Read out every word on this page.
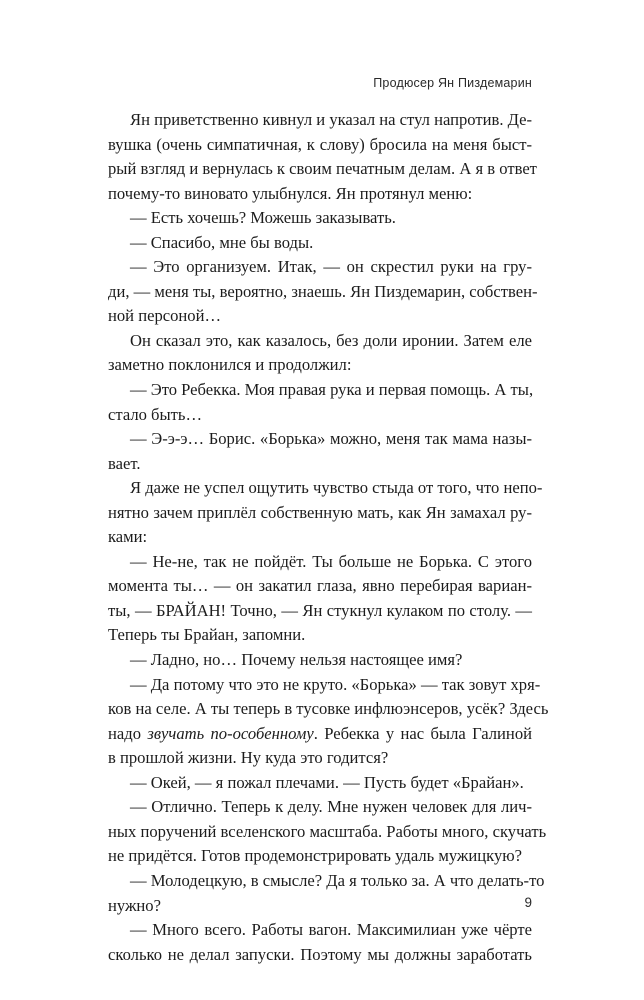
Продюсер Ян Пиздемарин
Ян приветственно кивнул и указал на стул напротив. Де-
вушка (очень симпатичная, к слову) бросила на меня быст-
рый взгляд и вернулась к своим печатным делам. А я в ответ
почему-то виновато улыбнулся. Ян протянул меню:
— Есть хочешь? Можешь заказывать.
— Спасибо, мне бы воды.
— Это организуем. Итак, — он скрестил руки на гру-
ди, — меня ты, вероятно, знаешь. Ян Пиздемарин, собствен-
ной персоной…
Он сказал это, как казалось, без доли иронии. Затем еле
заметно поклонился и продолжил:
— Это Ребекка. Моя правая рука и первая помощь. А ты,
стало быть…
— Э-э-э… Борис. «Борька» можно, меня так мама назы-
вает.
Я даже не успел ощутить чувство стыда от того, что непо-
нятно зачем приплёл собственную мать, как Ян замахал ру-
ками:
— Не-не, так не пойдёт. Ты больше не Борька. С этого
момента ты… — он закатил глаза, явно перебирая вариан-
ты, — БРАЙАН! Точно, — Ян стукнул кулаком по столу. —
Теперь ты Брайан, запомни.
— Ладно, но… Почему нельзя настоящее имя?
— Да потому что это не круто. «Борька» — так зовут хря-
ков на селе. А ты теперь в тусовке инфлюэнсеров, усёк? Здесь
надо звучать по-особенному. Ребекка у нас была Галиной
в прошлой жизни. Ну куда это годится?
— Окей, — я пожал плечами. — Пусть будет «Брайан».
— Отлично. Теперь к делу. Мне нужен человек для лич-
ных поручений вселенского масштаба. Работы много, скучать
не придётся. Готов продемонстрировать удаль мужицкую?
— Молодецкую, в смысле? Да я только за. А что делать-то
нужно?
— Много всего. Работы вагон. Максимилиан уже чёрте
сколько не делал запуски. Поэтому мы должны заработать
9
